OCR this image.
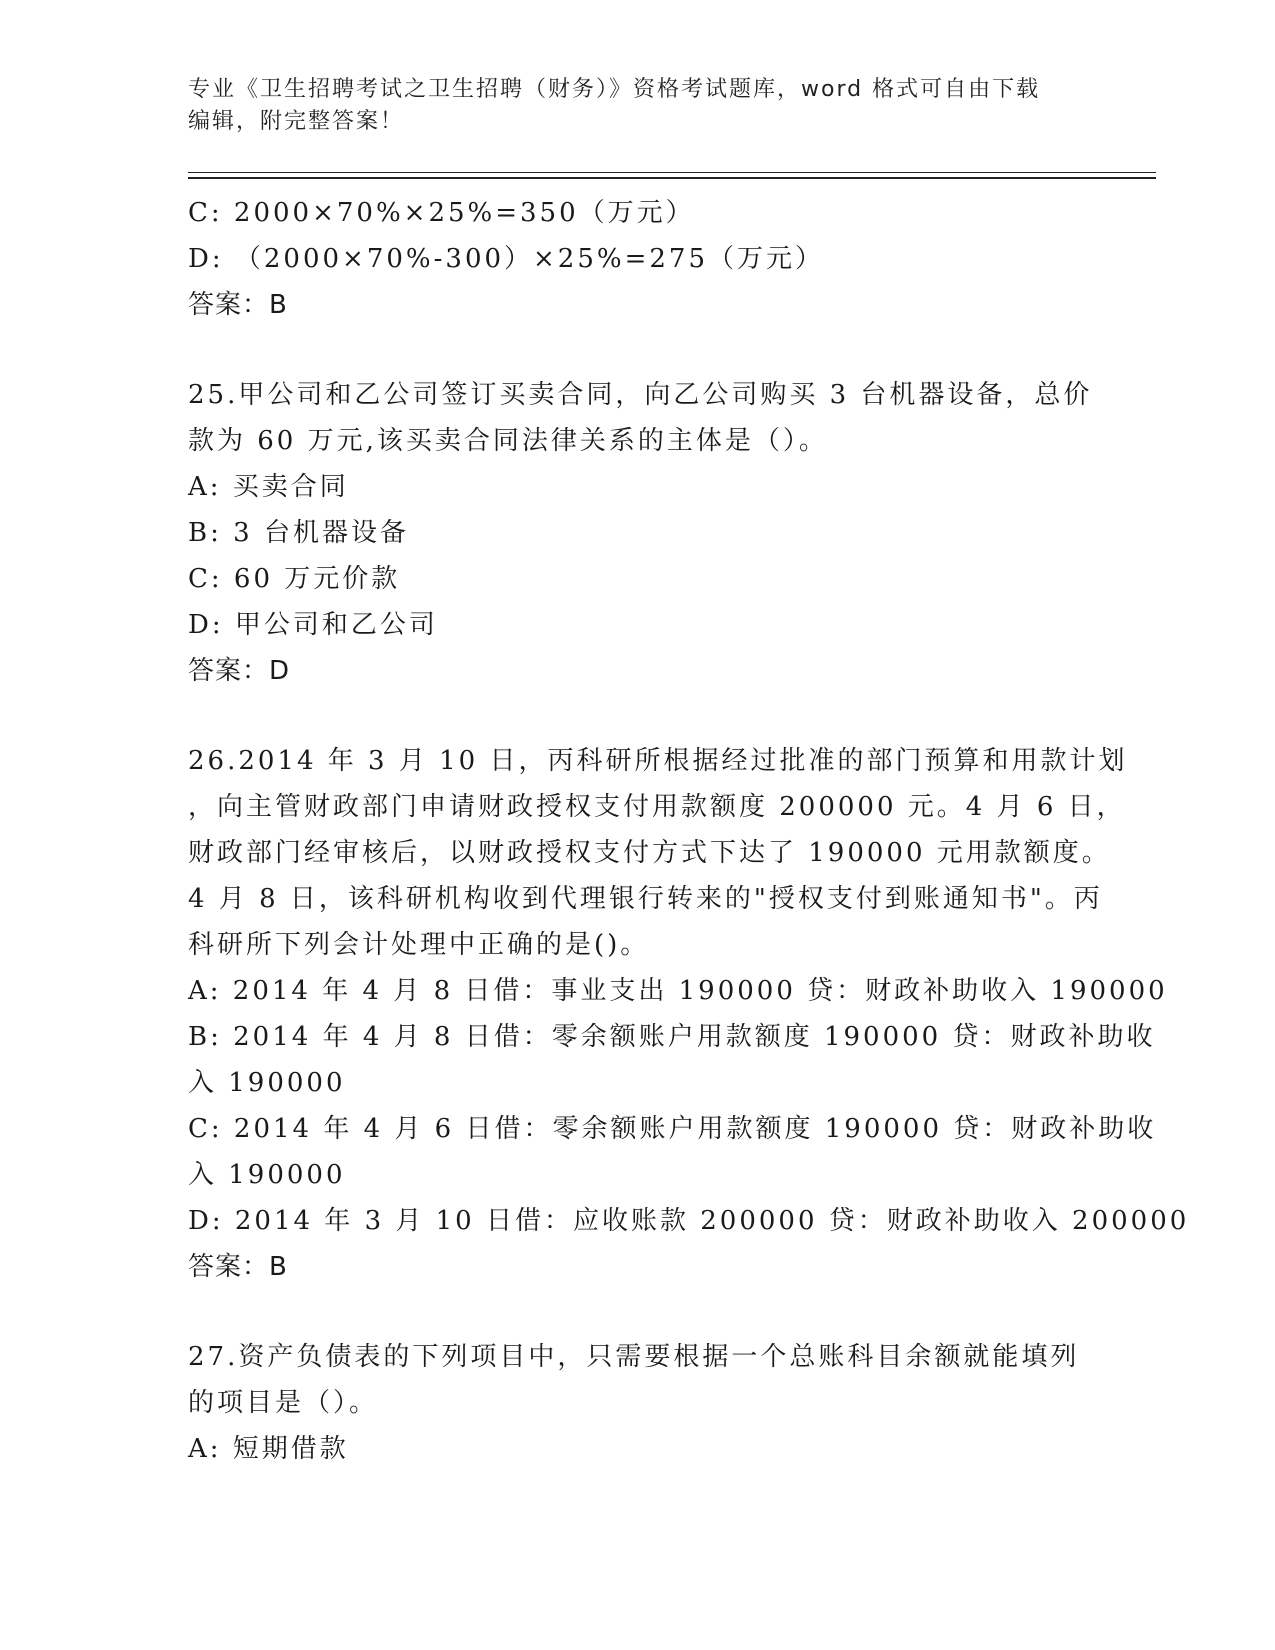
专业《卫生招聘考试之卫生招聘（财务）》资格考试题库，word 格式可自由下载
编辑，附完整答案！
C: 2000×70%×25%=350（万元）
D: （2000×70%-300）×25%=275（万元）
答案：B
25.甲公司和乙公司签订买卖合同，向乙公司购买 3 台机器设备，总价
款为 60 万元,该买卖合同法律关系的主体是（）。
A: 买卖合同
B: 3 台机器设备
C: 60 万元价款
D: 甲公司和乙公司
答案：D
26.2014 年 3 月 10 日，丙科研所根据经过批准的部门预算和用款计划
，向主管财政部门申请财政授权支付用款额度 200000 元。4 月 6 日，
财政部门经审核后，以财政授权支付方式下达了 190000 元用款额度。
4 月 8 日，该科研机构收到代理银行转来的"授权支付到账通知书"。丙
科研所下列会计处理中正确的是()。
A: 2014 年 4 月 8 日借：事业支出 190000 贷：财政补助收入 190000
B: 2014 年 4 月 8 日借：零余额账户用款额度 190000 贷：财政补助收
入 190000
C: 2014 年 4 月 6 日借：零余额账户用款额度 190000 贷：财政补助收
入 190000
D: 2014 年 3 月 10 日借：应收账款 200000 贷：财政补助收入 200000
答案：B
27.资产负债表的下列项目中，只需要根据一个总账科目余额就能填列
的项目是（）。
A: 短期借款
